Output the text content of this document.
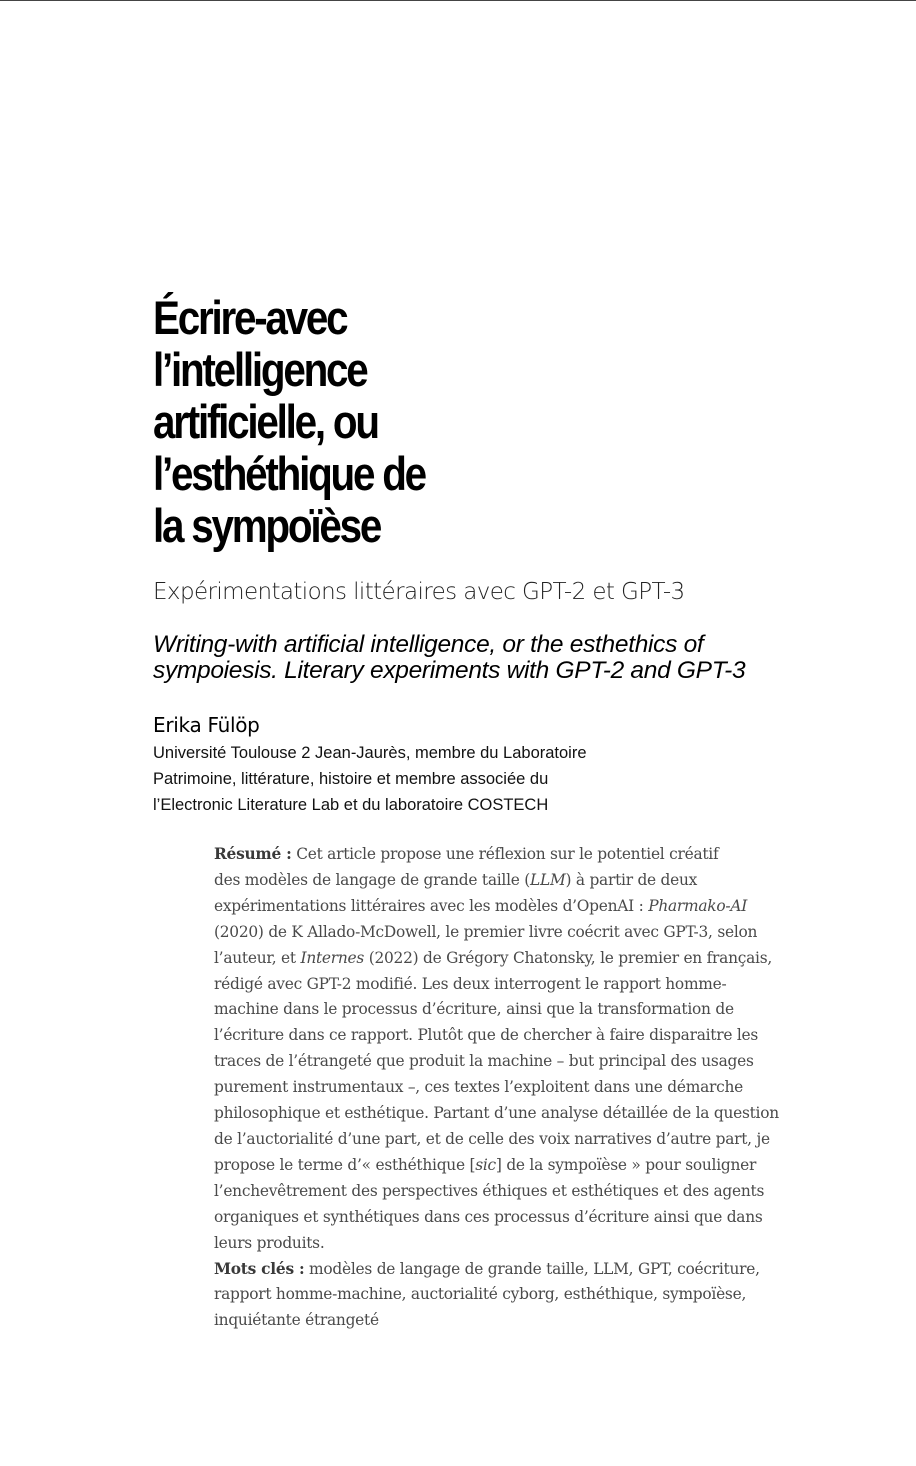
Écrire-avec
l’intelligence
artificielle, ou
l’esthéthique de
la sympoïèse

Expérimentations littéraires avec GPT-2 et GPT-3

Writing-with artificial intelligence, or the esthethics of
sympoiesis. Literary experiments with GPT-2 and GPT-3

Erika Fülöp

Université Toulouse 2 Jean-Jaurès, membre du Laboratoire
Patrimoine, littérature, histoire et membre associée du
l’Electronic Literature Lab et du laboratoire COSTECH

Résumé : Cet article propose une réflexion sur le potentiel créatif
des modèles de langage de grande taille (LLM) à partir de deux
expérimentations littéraires avec les modèles d’OpenAI : Pharmako-AI
(2020) de K Allado-McDowell, le premier livre coécrit avec GPT-3, selon
l’auteur, et Internes (2022) de Grégory Chatonsky, le premier en français,
rédigé avec GPT-2 modifié. Les deux interrogent le rapport homme-
machine dans le processus d’écriture, ainsi que la transformation de
l’écriture dans ce rapport. Plutôt que de chercher à faire disparaitre les
traces de l’étrangeté que produit la machine – but principal des usages
purement instrumentaux –, ces textes l’exploitent dans une démarche
philosophique et esthétique. Partant d’une analyse détaillée de la question
de l’auctorialité d’une part, et de celle des voix narratives d’autre part, je
propose le terme d’« esthéthique [sic] de la sympoïèse » pour souligner
l’enchevêtrement des perspectives éthiques et esthétiques et des agents
organiques et synthétiques dans ces processus d’écriture ainsi que dans
leurs produits.
Mots clés : modèles de langage de grande taille, LLM, GPT, coécriture,
rapport homme-machine, auctorialité cyborg, esthéthique, sympoïèse,
inquiétante étrangeté
